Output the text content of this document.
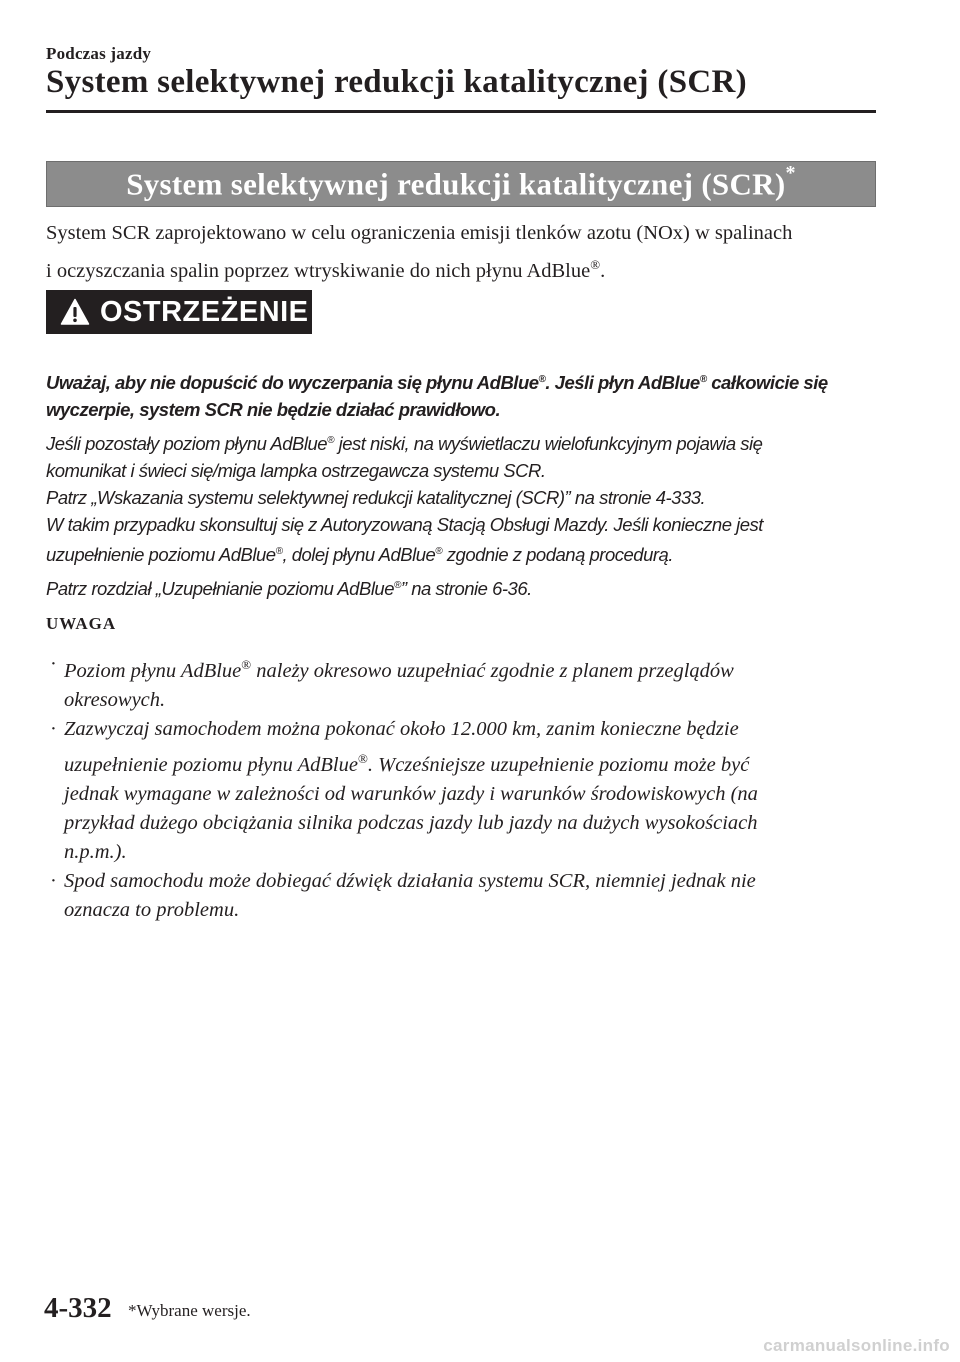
Podczas jazdy
System selektywnej redukcji katalitycznej (SCR)
System selektywnej redukcji katalitycznej (SCR)*
System SCR zaprojektowano w celu ograniczenia emisji tlenków azotu (NOx) w spalinach
i oczyszczania spalin poprzez wtryskiwanie do nich płynu AdBlue®.
OSTRZEŻENIE

Uważaj, aby nie dopuścić do wyczerpania się płynu AdBlue®. Jeśli płyn AdBlue® całkowicie się
wyczerpie, system SCR nie będzie działać prawidłowo.

Jeśli pozostały poziom płynu AdBlue® jest niski, na wyświetlaczu wielofunkcyjnym pojawia się
komunikat i świeci się/miga lampka ostrzegawcza systemu SCR.

Patrz „Wskazania systemu selektywnej redukcji katalitycznej (SCR)” na stronie 4-333.

W takim przypadku skonsultuj się z Autoryzowaną Stacją Obsługi Mazdy. Jeśli konieczne jest
uzupełnienie poziomu AdBlue®, dolej płynu AdBlue® zgodnie z podaną procedurą.

Patrz rozdział „Uzupełnianie poziomu AdBlue®” na stronie 6-36.

UWAGA
· Poziom płynu AdBlue® należy okresowo uzupełniać zgodnie z planem przeglądów
okresowych.
· Zazwyczaj samochodem można pokonać około 12.000 km, zanim konieczne będzie
uzupełnienie poziomu płynu AdBlue®. Wcześniejsze uzupełnienie poziomu może być
jednak wymagane w zależności od warunków jazdy i warunków środowiskowych (na
przykład dużego obciążania silnika podczas jazdy lub jazdy na dużych wysokościach
n.p.m.).
· Spod samochodu może dobiegać dźwięk działania systemu SCR, niemniej jednak nie
oznacza to problemu.
4-332 *Wybrane wersje.
carmanualsonline.info
